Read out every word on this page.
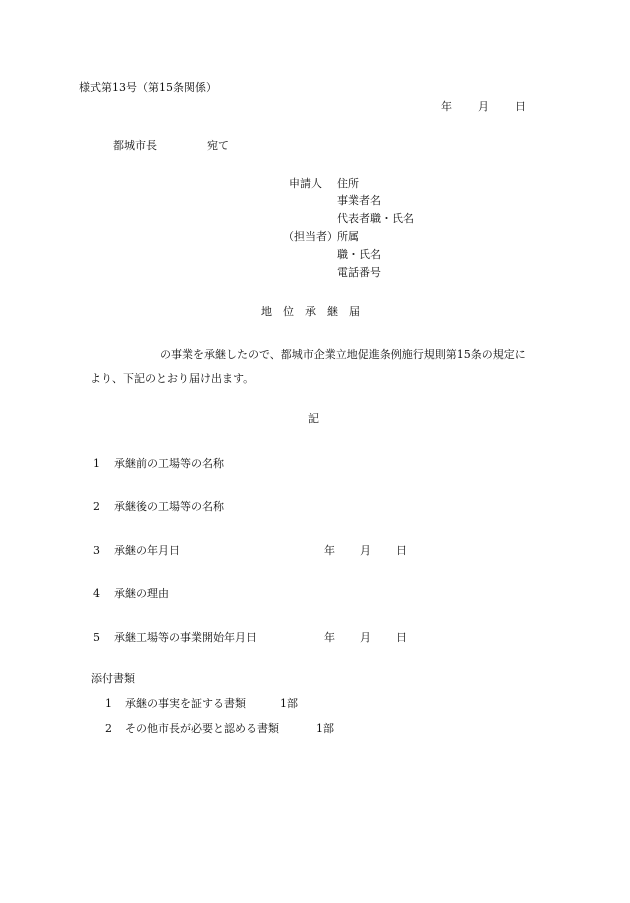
様式第13号（第15条関係）
年 月 日
都城市長	宛て
申請人 住所
事業者名
代表者職・氏名
（担当者） 所属
職・氏名
電話番号
地　位　承　継　届
の事業を承継したので、都城市企業立地促進条例施行規則第15条の規定に
より、下記のとおり届け出ます。
記
1 承継前の工場等の名称
2 承継後の工場等の名称
3 承継の年月日	年 月 日
4 承継の理由
5 承継工場等の事業開始年月日	年 月 日
添付書類
1 承継の事実を証する書類	1部
2 その他市長が必要と認める書類	1部
